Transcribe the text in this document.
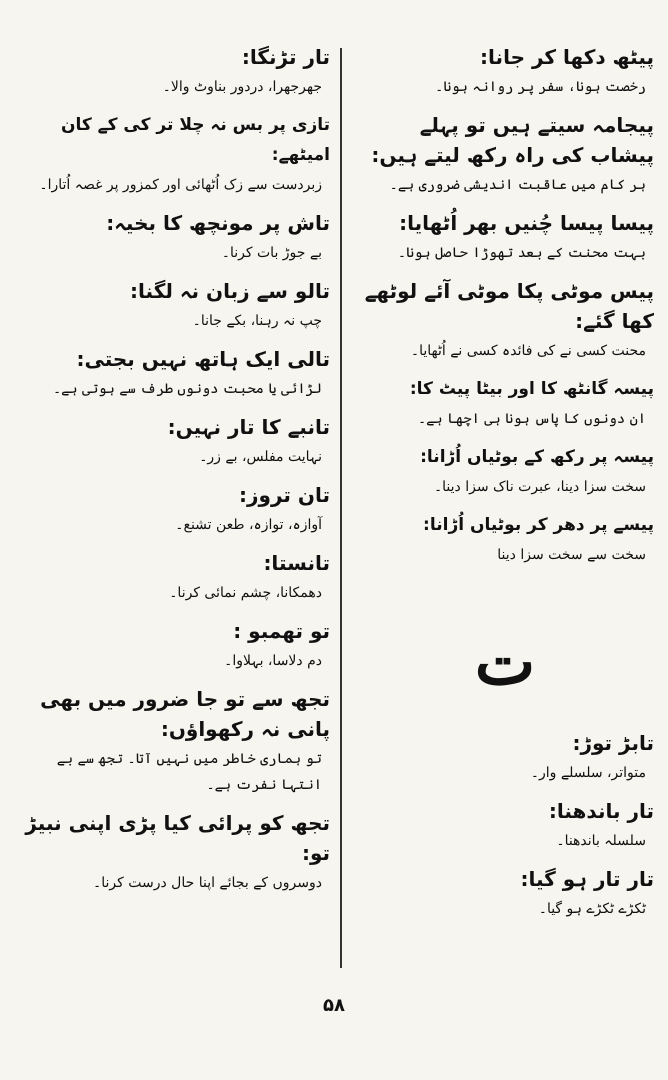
پیٹھ دکھا کر جانا:

رخصت ہونا، سفر پر روانہ ہونا۔

پیجامہ سیتے ہیں تو پہلے پیشاب کی راہ رکھ لیتے ہیں:

ہر کام میں عاقبت اندیشی ضروری ہے۔

پیسا پیسا چُنیں بھر اُٹھایا:

بہت محنت کے بعد تھوڑا حاصل ہونا۔

پیس موٹی پکا موٹی آئے لوٹھے کھا گئے:

محنت کسی نے کی فائدہ کسی نے اُٹھایا۔

پیسہ گانٹھ کا اور بیٹا پیٹ کا:

ان دونوں کا پاس ہونا ہی اچھا ہے۔

پیسہ پر رکھ کے بوٹیاں اُڑانا:

سخت سزا دینا، عبرت ناک سزا دینا۔

پیسے پر دھر کر بوٹیاں اُڑانا:

سخت سے سخت سزا دینا

ت

تابڑ توڑ:

متواتر، سلسلے وار۔

تار باندھنا:

سلسلہ باندھنا۔

تار تار ہو گیا:

ٹکڑے ٹکڑے ہو گیا۔

تار تڑنگا:

جھرجھرا، دردور بناوٹ والا۔

تازی پر بس نہ چلا تر کی کے کان امیٹھے:

زبردست سے زک اُٹھائی اور کمزور پر غصہ اُتارا۔

تاش پر مونچھ کا بخیہ:

بے جوڑ بات کرنا۔

تالو سے زبان نہ لگنا:

چپ نہ رہنا، بکے جانا۔

تالی ایک ہاتھ نہیں بجتی:

لڑائی یا محبت دونوں طرف سے ہوتی ہے۔

تانبے کا تار نہیں:

نہایت مفلس، بے زر۔

تان تروز:

آوازہ، توازہ، طعن تشنع۔

تانستا:

دھمکانا، چشم نمائی کرنا۔

تو تھمبو :

دم دلاسا، بہلاوا۔

تجھ سے تو جا ضرور میں بھی پانی نہ رکھواؤں:

تو ہماری خاطر میں نہیں آتا۔ تجھ سے بے انتہا نفرت ہے۔

تجھ کو پرائی کیا پڑی اپنی نبیڑ تو:

دوسروں کے بجائے اپنا حال درست کرنا۔

۵۸
